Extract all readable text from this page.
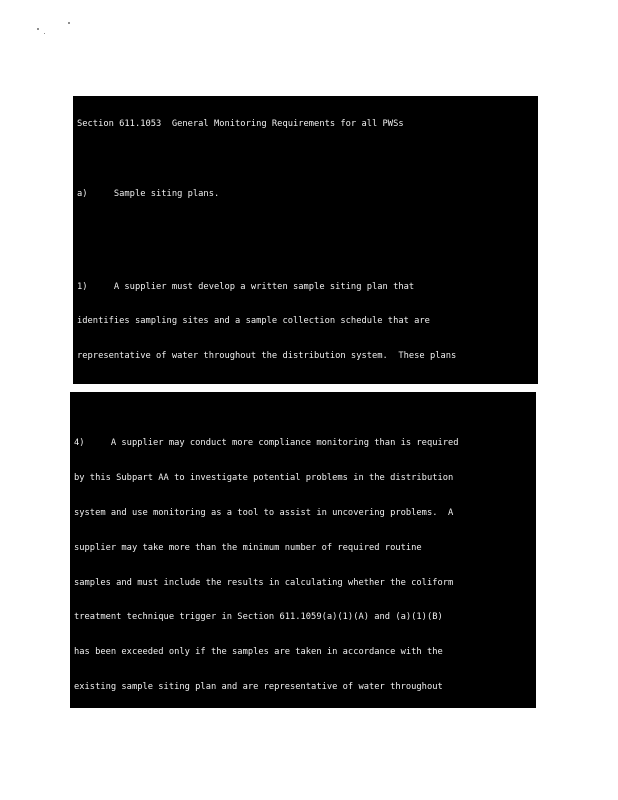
Section 611.1053  General Monitoring Requirements for all PWSs

a)     Sample siting plans.

1)     A supplier must develop a written sample siting plan that

identifies sampling sites and a sample collection schedule that are

representative of water throughout the distribution system.  These plans

4)     A supplier may conduct more compliance monitoring than is required

by this Subpart AA to investigate potential problems in the distribution

system and use monitoring as a tool to assist in uncovering problems.  A

supplier may take more than the minimum number of required routine

samples and must include the results in calculating whether the coliform

treatment technique trigger in Section 611.1059(a)(1)(A) and (a)(1)(B)

has been exceeded only if the samples are taken in accordance with the

existing sample siting plan and are representative of water throughout
